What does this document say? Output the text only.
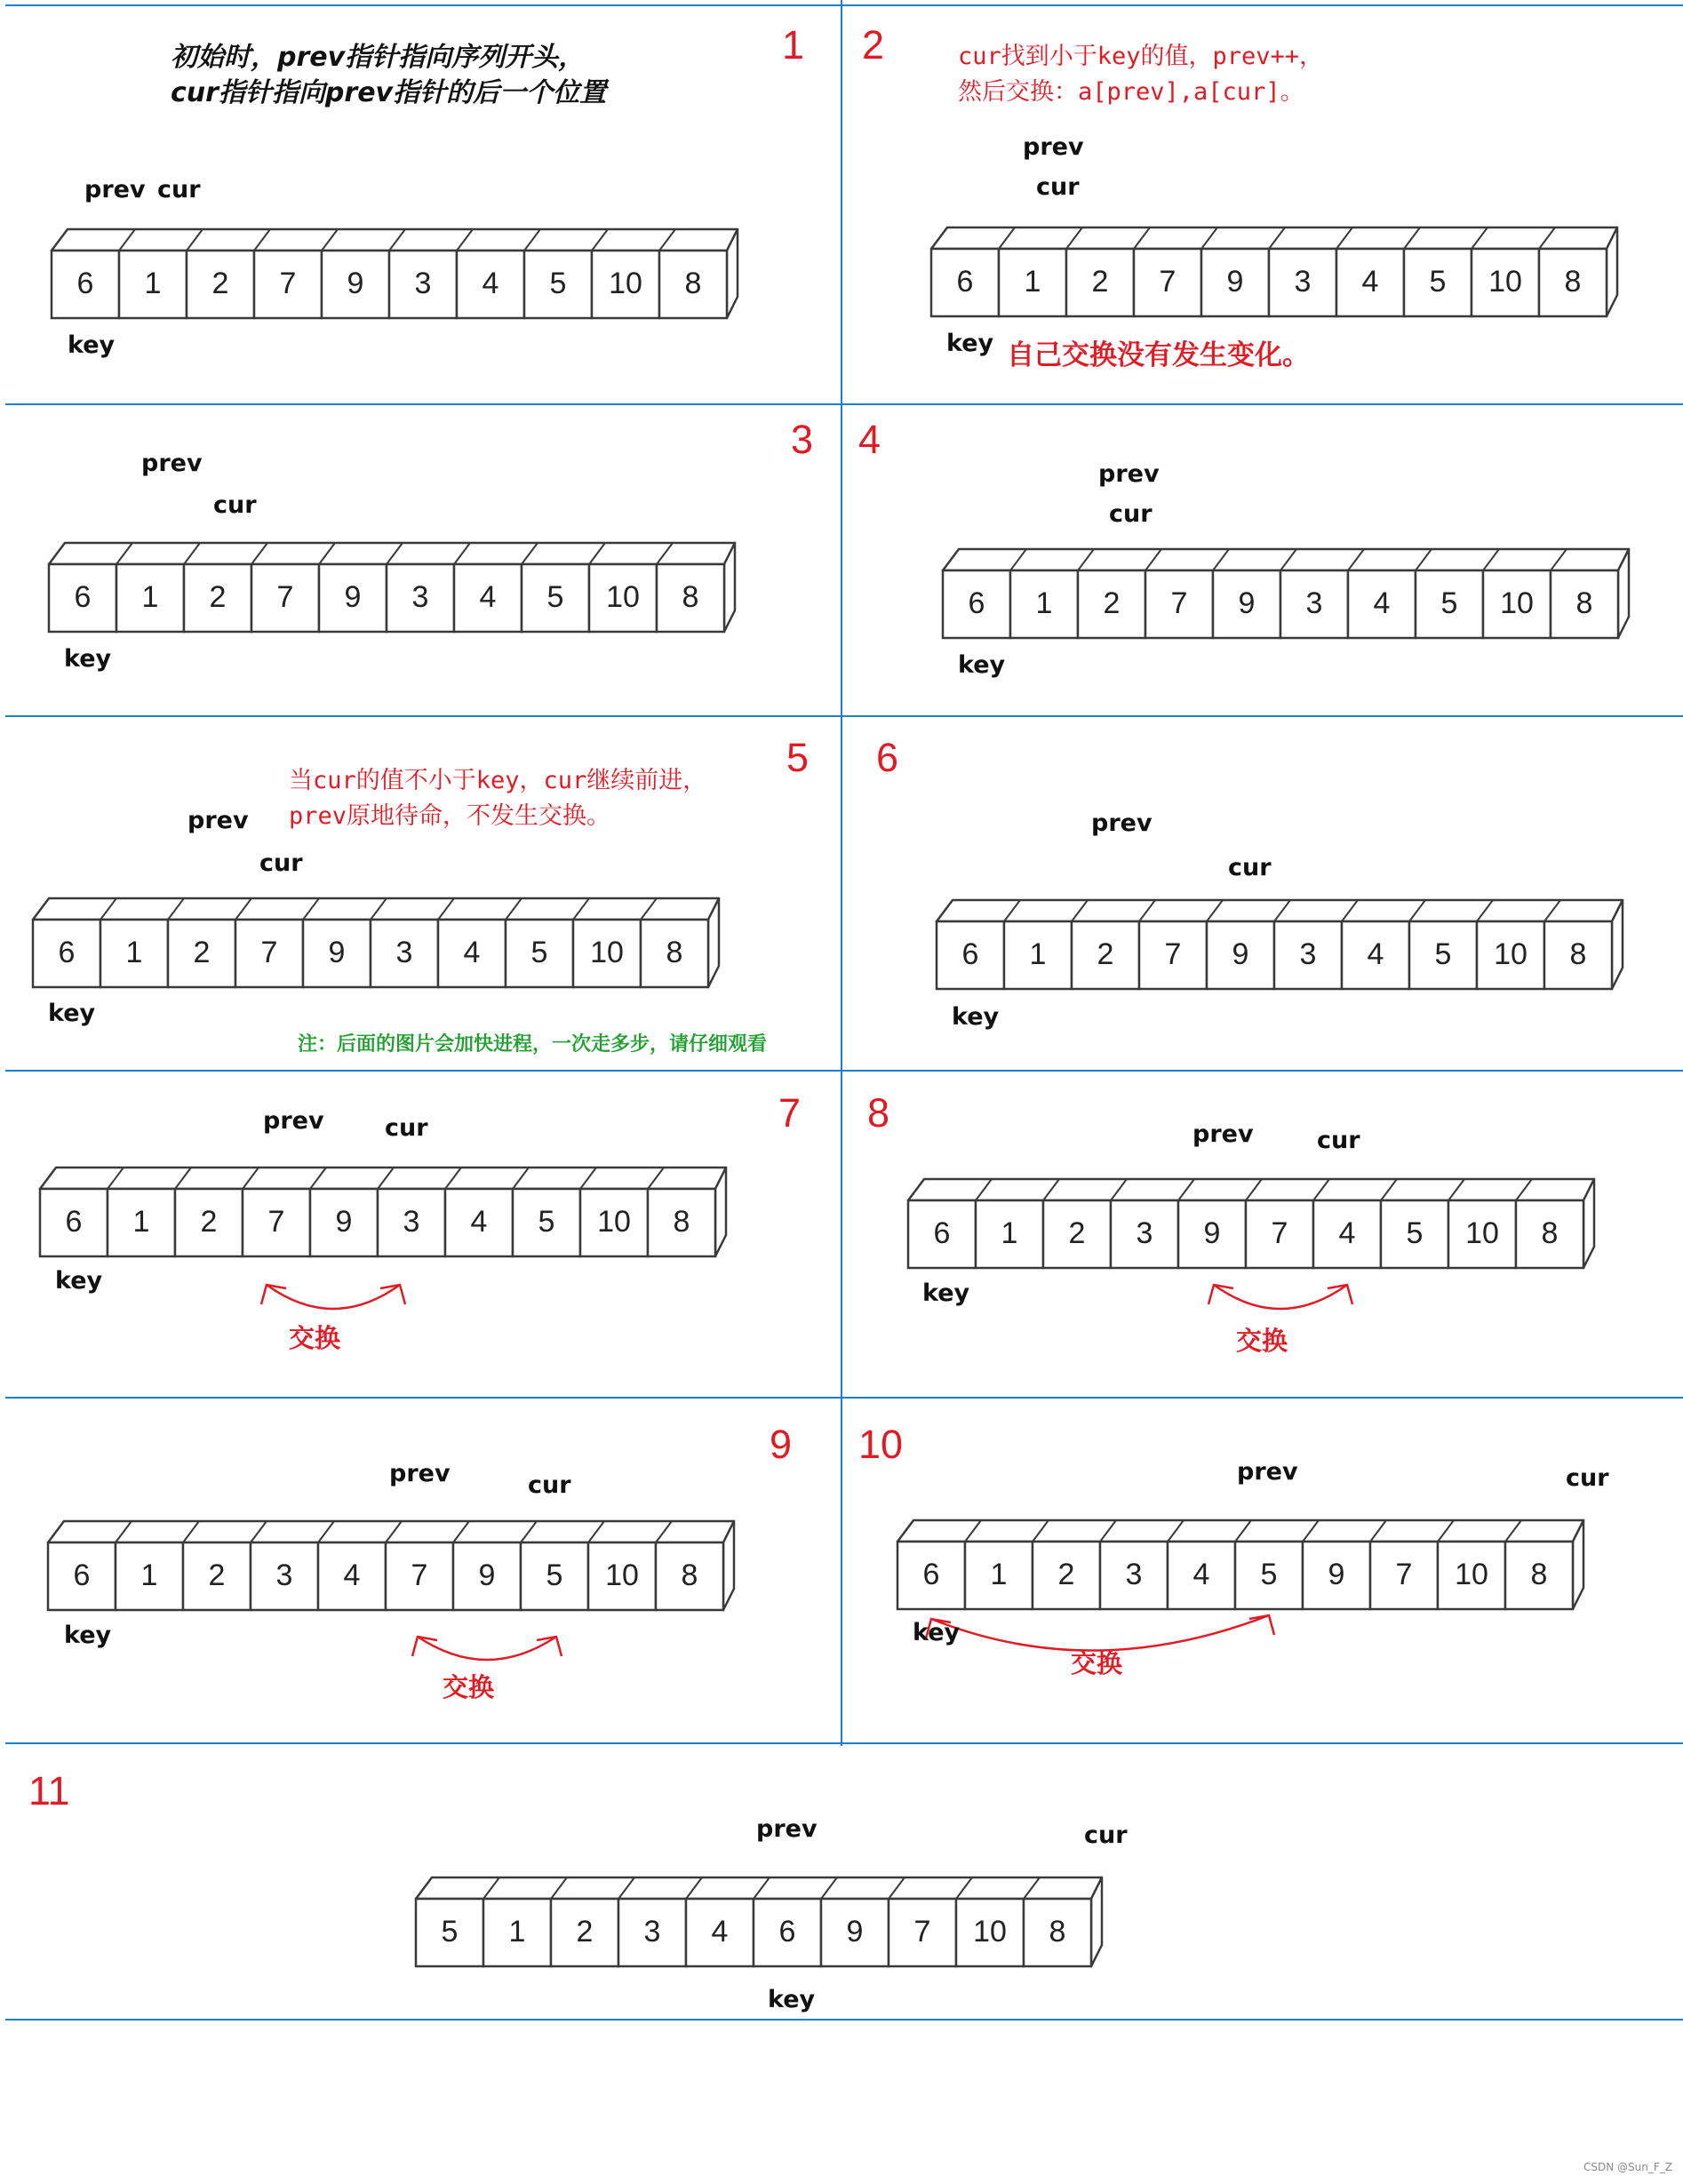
6	1	2	7	9	3	4	5	10	8
1
prev cur
key
初始时，prev指针指向序列开头，
cur指针指向prev指针的后一个位置
6	1	2	7	9	3	4	5	10	8
2
prev
cur
key
cur找到小于key的值，prev++，
然后交换：a[prev],a[cur]。
自己交换没有发生变化。
6	1	2	7	9	3	4	5	10	8
3
prev
cur
key
6	1	2	7	9	3	4	5	10	8
4
prev
cur
key
6	1	2	7	9	3	4	5	10	8
5
prev
cur
key
当cur的值不小于key，cur继续前进，
prev原地待命，不发生交换。
注：后面的图片会加快进程，一次走多步，请仔细观看
6	1	2	7	9	3	4	5	10	8
6
prev
cur
key
6	1	2	7	9	3	4	5	10	8
7
prev	cur
key
交换
6	1	2	3	9	7	4	5	10	8
8	prev	cur
key
交换
6	1	2	3	4	7	9	5	10	8
9
prev	cur
key
交换
6	1	2	3	4	5	9	7	10	8
10
prev	cur
key
交换
5	1	2	3	4	6	9	7	10	8
11
prev	cur
key
CSDN @Sun_F_Z
